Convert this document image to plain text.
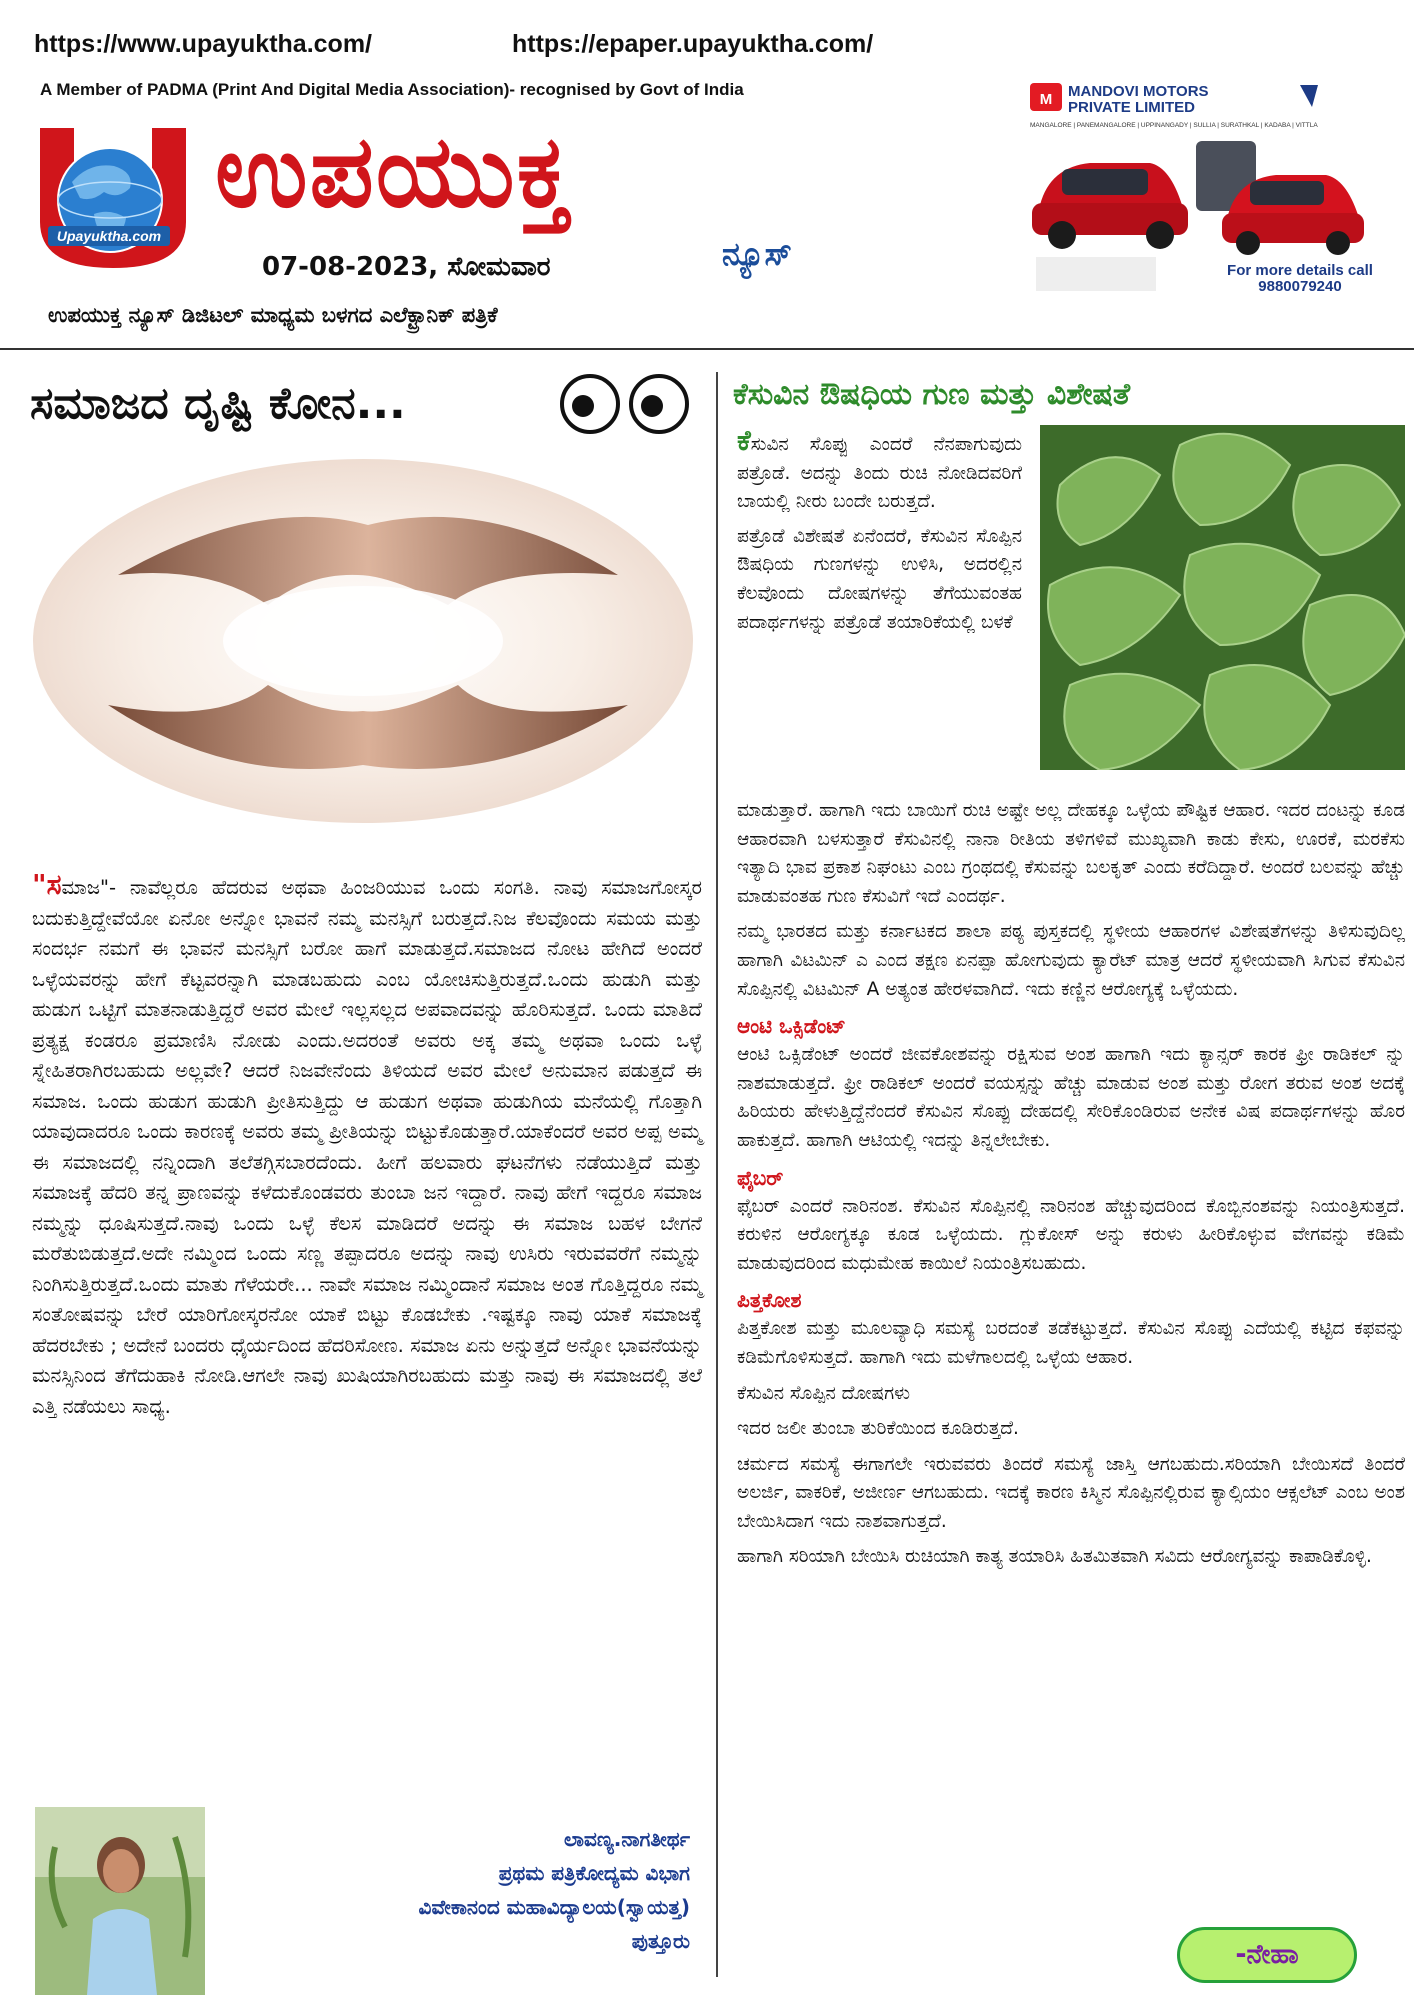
https://www.upayuktha.com/	https://epaper.upayuktha.com/
A Member of PADMA (Print And Digital Media Association)- recognised by Govt of India
Upayuktha.com
ಉಪಯುಕ್ತ
ನ್ಯೂಸ್
07-08-2023, ಸೋಮವಾರ
ಉಪಯುಕ್ತ ನ್ಯೂಸ್ ಡಿಜಿಟಲ್ ಮಾಧ್ಯಮ ಬಳಗದ ಎಲೆಕ್ಟ್ರಾನಿಕ್ ಪತ್ರಿಕೆ
M MANDOVI MOTORS
PRIVATE LIMITED
MANGALORE | PANEMANGALORE | UPPINANGADY | SULLIA | SURATHKAL | KADABA | VITTLA
For more details call
9880079240
ಸಮಾಜದ ದೃಷ್ಟಿ ಕೋನ...
"ಸಮಾಜ"- ನಾವೆಲ್ಲರೂ ಹೆದರುವ ಅಥವಾ ಹಿಂಜರಿಯುವ ಒಂದು ಸಂಗತಿ. ನಾವು ಸಮಾಜಗೋಸ್ಕರ ಬದುಕುತ್ತಿದ್ದೇವೆಯೋ ಏನೋ ಅನ್ನೋ ಭಾವನೆ ನಮ್ಮ ಮನಸ್ಸಿಗೆ ಬರುತ್ತದೆ.ನಿಜ ಕೆಲವೊಂದು ಸಮಯ ಮತ್ತು ಸಂದರ್ಭ ನಮಗೆ ಈ ಭಾವನೆ ಮನಸ್ಸಿಗೆ ಬರೋ ಹಾಗೆ ಮಾಡುತ್ತದೆ.ಸಮಾಜದ ನೋಟ ಹೇಗಿದೆ ಅಂದರೆ ಒಳ್ಳೆಯವರನ್ನು ಹೇಗೆ ಕೆಟ್ಟವರನ್ನಾಗಿ ಮಾಡಬಹುದು ಎಂಬ ಯೋಚಿಸುತ್ತಿರುತ್ತದೆ.ಒಂದು ಹುಡುಗಿ ಮತ್ತು ಹುಡುಗ ಒಟ್ಟಿಗೆ ಮಾತನಾಡುತ್ತಿದ್ದರೆ ಅವರ ಮೇಲೆ ಇಲ್ಲಸಲ್ಲದ ಅಪವಾದವನ್ನು ಹೊರಿಸುತ್ತದೆ. ಒಂದು ಮಾತಿದೆ ಪ್ರತ್ಯಕ್ಷ ಕಂಡರೂ ಪ್ರಮಾಣಿಸಿ ನೋಡು ಎಂದು.ಅದರಂತೆ ಅವರು ಅಕ್ಕ ತಮ್ಮ ಅಥವಾ ಒಂದು ಒಳ್ಳೆ ಸ್ನೇಹಿತರಾಗಿರಬಹುದು ಅಲ್ಲವೇ? ಆದರೆ ನಿಜವೇನೆಂದು ತಿಳಿಯದೆ ಅವರ ಮೇಲೆ ಅನುಮಾನ ಪಡುತ್ತದೆ ಈ ಸಮಾಜ. ಒಂದು ಹುಡುಗ ಹುಡುಗಿ ಪ್ರೀತಿಸುತ್ತಿದ್ದು ಆ ಹುಡುಗ ಅಥವಾ ಹುಡುಗಿಯ ಮನೆಯಲ್ಲಿ ಗೊತ್ತಾಗಿ ಯಾವುದಾದರೂ ಒಂದು ಕಾರಣಕ್ಕೆ ಅವರು ತಮ್ಮ ಪ್ರೀತಿಯನ್ನು ಬಿಟ್ಟುಕೊಡುತ್ತಾರೆ.ಯಾಕೆಂದರೆ ಅವರ ಅಪ್ಪ ಅಮ್ಮ ಈ ಸಮಾಜದಲ್ಲಿ ನನ್ನಿಂದಾಗಿ ತಲೆತಗ್ಗಿಸಬಾರದೆಂದು. ಹೀಗೆ ಹಲವಾರು ಘಟನೆಗಳು ನಡೆಯುತ್ತಿದೆ ಮತ್ತು ಸಮಾಜಕ್ಕೆ ಹೆದರಿ ತನ್ನ ಪ್ರಾಣವನ್ನು ಕಳೆದುಕೊಂಡವರು ತುಂಬಾ ಜನ ಇದ್ದಾರೆ. ನಾವು ಹೇಗೆ ಇದ್ದರೂ ಸಮಾಜ ನಮ್ಮನ್ನು ಧೂಷಿಸುತ್ತದೆ.ನಾವು ಒಂದು ಒಳ್ಳೆ ಕೆಲಸ ಮಾಡಿದರೆ ಅದನ್ನು ಈ ಸಮಾಜ ಬಹಳ ಬೇಗನೆ ಮರೆತುಬಿಡುತ್ತದೆ.ಅದೇ ನಮ್ಮಿಂದ ಒಂದು ಸಣ್ಣ ತಪ್ಪಾದರೂ ಅದನ್ನು ನಾವು ಉಸಿರು ಇರುವವರೆಗೆ ನಮ್ಮನ್ನು ನಿಂಗಿಸುತ್ತಿರುತ್ತದೆ.ಒಂದು ಮಾತು ಗೆಳೆಯರೇ... ನಾವೇ ಸಮಾಜ ನಮ್ಮಿಂದಾನೆ ಸಮಾಜ ಅಂತ ಗೊತ್ತಿದ್ದರೂ ನಮ್ಮ ಸಂತೋಷವನ್ನು ಬೇರೆ ಯಾರಿಗೋಸ್ಕರನೋ ಯಾಕೆ ಬಿಟ್ಟು ಕೊಡಬೇಕು .ಇಷ್ಟಕ್ಕೂ ನಾವು ಯಾಕೆ ಸಮಾಜಕ್ಕೆ ಹೆದರಬೇಕು ; ಅದೇನೆ ಬಂದರು ಧೈರ್ಯದಿಂದ ಹೆದರಿಸೋಣ. ಸಮಾಜ ಏನು ಅನ್ನುತ್ತದೆ ಅನ್ನೋ ಭಾವನೆಯನ್ನು ಮನಸ್ಸಿನಿಂದ ತೆಗೆದುಹಾಕಿ ನೋಡಿ.ಆಗಲೇ ನಾವು ಖುಷಿಯಾಗಿರಬಹುದು ಮತ್ತು ನಾವು ಈ ಸಮಾಜದಲ್ಲಿ ತಲೆ ಎತ್ತಿ ನಡೆಯಲು ಸಾಧ್ಯ.
ಲಾವಣ್ಯ.ನಾಗತೀರ್ಥ
ಪ್ರಥಮ ಪತ್ರಿಕೋದ್ಯಮ ವಿಭಾಗ
ವಿವೇಕಾನಂದ ಮಹಾವಿದ್ಯಾಲಯ(ಸ್ವಾಯತ್ತ)
ಪುತ್ತೂರು
ಕೆಸುವಿನ ಔಷಧಿಯ ಗುಣ ಮತ್ತು ವಿಶೇಷತೆ
ಕೆಸುವಿನ ಸೊಪ್ಪು ಎಂದರೆ ನೆನಪಾಗುವುದು ಪತ್ರೊಡೆ. ಅದನ್ನು ತಿಂದು ರುಚಿ ನೋಡಿದವರಿಗೆ ಬಾಯಲ್ಲಿ ನೀರು ಬಂದೇ ಬರುತ್ತದೆ.
ಪತ್ರೊಡೆ ವಿಶೇಷತೆ ಏನೆಂದರೆ, ಕೆಸುವಿನ ಸೊಪ್ಪಿನ ಔಷಧಿಯ ಗುಣಗಳನ್ನು ಉಳಿಸಿ, ಅದರಲ್ಲಿನ ಕೆಲವೊಂದು ದೋಷಗಳನ್ನು ತೆಗೆಯುವಂತಹ ಪದಾರ್ಥಗಳನ್ನು ಪತ್ರೊಡೆ ತಯಾರಿಕೆಯಲ್ಲಿ ಬಳಕೆ

ಮಾಡುತ್ತಾರೆ. ಹಾಗಾಗಿ ಇದು ಬಾಯಿಗೆ ರುಚಿ ಅಷ್ಟೇ ಅಲ್ಲ ದೇಹಕ್ಕೂ ಒಳ್ಳೆಯ ಪೌಷ್ಟಿಕ ಆಹಾರ. ಇದರ ದಂಟನ್ನು ಕೂಡ ಆಹಾರವಾಗಿ ಬಳಸುತ್ತಾರೆ ಕೆಸುವಿನಲ್ಲಿ ನಾನಾ ರೀತಿಯ ತಳಿಗಳಿವೆ ಮುಖ್ಯವಾಗಿ ಕಾಡು ಕೇಸು, ಊರಕೆ, ಮರಕೆಸು ಇತ್ಯಾದಿ ಭಾವ ಪ್ರಕಾಶ ನಿಘಂಟು ಎಂಬ ಗ್ರಂಥದಲ್ಲಿ ಕೆಸುವನ್ನು ಬಲಕೃತ್ ಎಂದು ಕರೆದಿದ್ದಾರೆ. ಅಂದರೆ ಬಲವನ್ನು ಹೆಚ್ಚು ಮಾಡುವಂತಹ ಗುಣ ಕೆಸುವಿಗೆ ಇದೆ ಎಂದರ್ಥ.

ನಮ್ಮ ಭಾರತದ ಮತ್ತು ಕರ್ನಾಟಕದ ಶಾಲಾ ಪಠ್ಯ ಪುಸ್ತಕದಲ್ಲಿ ಸ್ಥಳೀಯ ಆಹಾರಗಳ ವಿಶೇಷತೆಗಳನ್ನು ತಿಳಿಸುವುದಿಲ್ಲ ಹಾಗಾಗಿ ವಿಟಮಿನ್ ಎ ಎಂದ ತಕ್ಷಣ ಏನಪ್ಪಾ ಹೋಗುವುದು ಕ್ಯಾರೆಟ್ ಮಾತ್ರ ಆದರೆ ಸ್ಥಳೀಯವಾಗಿ ಸಿಗುವ ಕೆಸುವಿನ ಸೊಪ್ಪಿನಲ್ಲಿ ವಿಟಮಿನ್ A ಅತ್ಯಂತ ಹೇರಳವಾಗಿದೆ. ಇದು ಕಣ್ಣಿನ ಆರೋಗ್ಯಕ್ಕೆ ಒಳ್ಳೆಯದು.

ಆಂಟಿ ಒಕ್ಸಿಡೆಂಟ್

ಆಂಟಿ ಒಕ್ಸಿಡೆಂಟ್ ಅಂದರೆ ಜೀವಕೋಶವನ್ನು ರಕ್ಷಿಸುವ ಅಂಶ ಹಾಗಾಗಿ ಇದು ಕ್ಯಾನ್ಸರ್ ಕಾರಕ ಫ್ರೀ ರಾಡಿಕಲ್ ನ್ನು ನಾಶಮಾಡುತ್ತದೆ. ಫ್ರೀ ರಾಡಿಕಲ್ ಅಂದರೆ ವಯಸ್ಸನ್ನು ಹೆಚ್ಚು ಮಾಡುವ ಅಂಶ ಮತ್ತು ರೋಗ ತರುವ ಅಂಶ ಅದಕ್ಕೆ ಹಿರಿಯರು ಹೇಳುತ್ತಿದ್ದೆನೆಂದರೆ ಕೆಸುವಿನ ಸೊಪ್ಪು ದೇಹದಲ್ಲಿ ಸೇರಿಕೊಂಡಿರುವ ಅನೇಕ ವಿಷ ಪದಾರ್ಥಗಳನ್ನು ಹೊರ ಹಾಕುತ್ತದೆ. ಹಾಗಾಗಿ ಆಟಿಯಲ್ಲಿ ಇದನ್ನು ತಿನ್ನಲೇಬೇಕು.

ಫೈಬರ್

ಫೈಬರ್ ಎಂದರೆ ನಾರಿನಂಶ. ಕೆಸುವಿನ ಸೊಪ್ಪಿನಲ್ಲಿ ನಾರಿನಂಶ ಹೆಚ್ಚುವುದರಿಂದ ಕೊಬ್ಬಿನಂಶವನ್ನು ನಿಯಂತ್ರಿಸುತ್ತದೆ. ಕರುಳಿನ ಆರೋಗ್ಯಕ್ಕೂ ಕೂಡ ಒಳ್ಳೆಯದು. ಗ್ಲುಕೋಸ್ ಅನ್ನು ಕರುಳು ಹೀರಿಕೊಳ್ಳುವ ವೇಗವನ್ನು ಕಡಿಮೆ ಮಾಡುವುದರಿಂದ ಮಧುಮೇಹ ಕಾಯಿಲೆ ನಿಯಂತ್ರಿಸಬಹುದು.

ಪಿತ್ತಕೋಶ

ಪಿತ್ತಕೋಶ ಮತ್ತು ಮೂಲವ್ಯಾಧಿ ಸಮಸ್ಯೆ ಬರದಂತೆ ತಡೆಕಟ್ಟುತ್ತದೆ. ಕೆಸುವಿನ ಸೊಪ್ಪು ಎದೆಯಲ್ಲಿ ಕಟ್ಟಿದ ಕಫವನ್ನು ಕಡಿಮೆಗೊಳಿಸುತ್ತದೆ. ಹಾಗಾಗಿ ಇದು ಮಳೆಗಾಲದಲ್ಲಿ ಒಳ್ಳೆಯ ಆಹಾರ.

ಕೆಸುವಿನ ಸೊಪ್ಪಿನ ದೋಷಗಳು

ಇದರ ಜಲೀ ತುಂಬಾ ತುರಿಕೆಯಿಂದ ಕೂಡಿರುತ್ತದೆ.

ಚರ್ಮದ ಸಮಸ್ಯೆ ಈಗಾಗಲೇ ಇರುವವರು ತಿಂದರೆ ಸಮಸ್ಯೆ ಜಾಸ್ತಿ ಆಗಬಹುದು.ಸರಿಯಾಗಿ ಬೇಯಿಸದೆ ತಿಂದರೆ ಅಲರ್ಜಿ, ವಾಕರಿಕೆ, ಅಜೀರ್ಣ ಆಗಬಹುದು. ಇದಕ್ಕೆ ಕಾರಣ ಕಿಸ್ಮಿನ ಸೊಪ್ಪಿನಲ್ಲಿರುವ ಕ್ಯಾಲ್ಸಿಯಂ ಆಕ್ಸಲೆಟ್ ಎಂಬ ಅಂಶ ಬೇಯಿಸಿದಾಗ ಇದು ನಾಶವಾಗುತ್ತದೆ.

ಹಾಗಾಗಿ ಸರಿಯಾಗಿ ಬೇಯಿಸಿ ರುಚಿಯಾಗಿ ಕಾತ್ಯ ತಯಾರಿಸಿ ಹಿತಮಿತವಾಗಿ ಸವಿದು ಆರೋಗ್ಯವನ್ನು ಕಾಪಾಡಿಕೊಳ್ಳಿ.

-ನೇಹಾ
